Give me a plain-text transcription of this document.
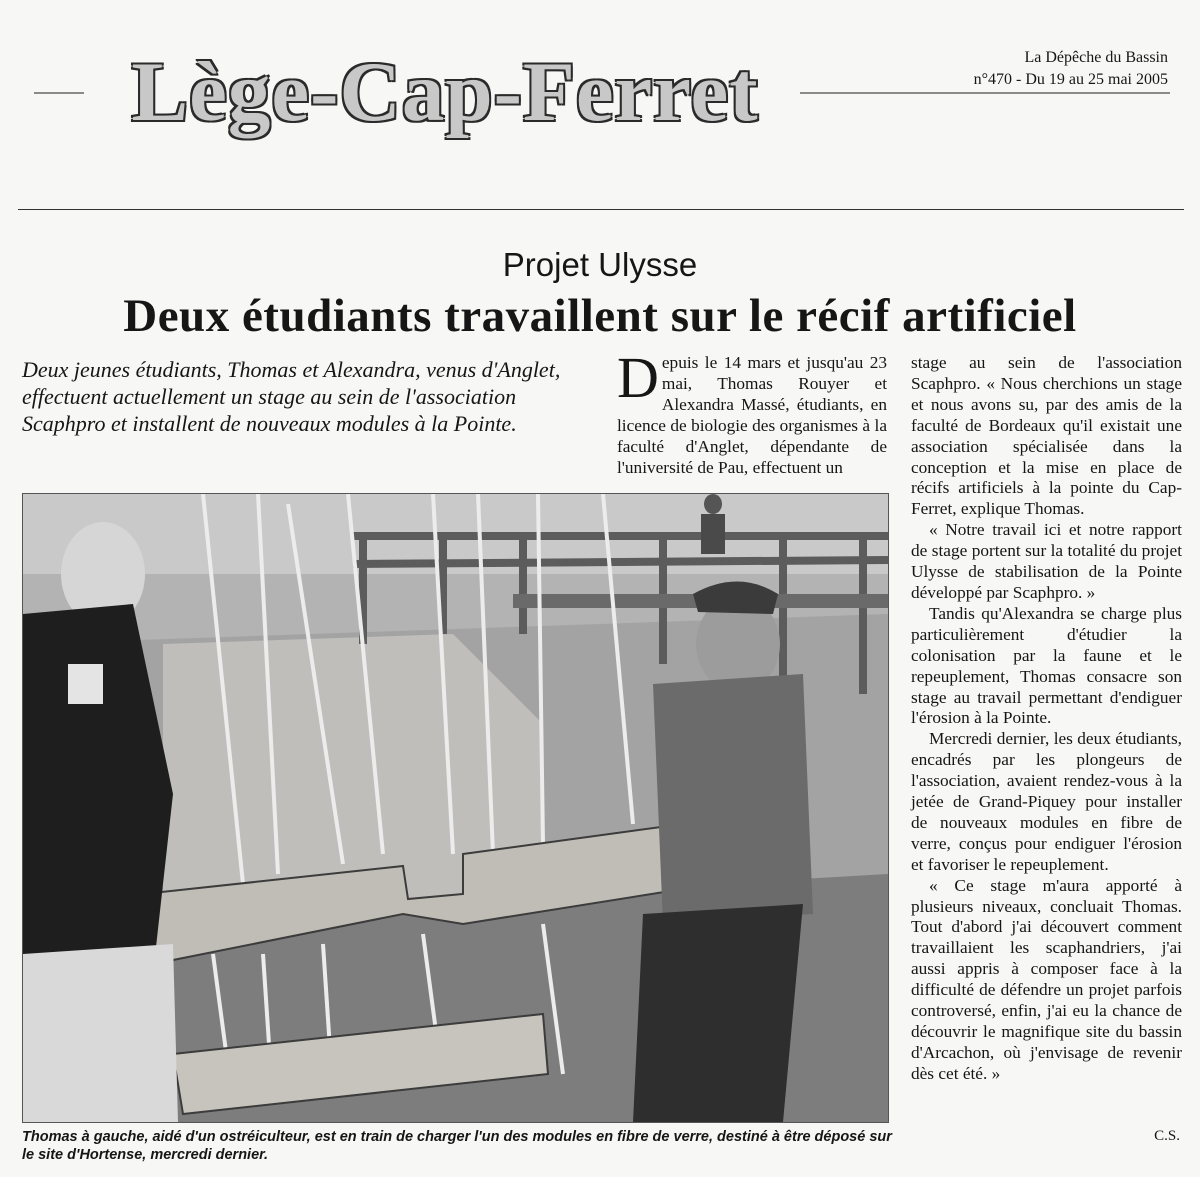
Lège-Cap-Ferret	La Dépêche du Bassin
n°470 - Du 19 au 25 mai 2005
Projet Ulysse
Deux étudiants travaillent sur le récif artificiel
Deux jeunes étudiants, Thomas et Alexandra, venus d'Anglet, effectuent actuellement un stage au sein de l'association Scaphpro et installent de nouveaux modules à la Pointe.
Thomas à gauche, aidé d'un ostréiculteur, est en train de charger l'un des modules en fibre de verre, destiné à être déposé sur le site d'Hortense, mercredi dernier.
Depuis le 14 mars et jusqu'au 23 mai, Thomas Rouyer et Alexandra Massé, étudiants, en licence de biologie des organismes à la faculté d'Anglet, dépendante de l'université de Pau, effectuent un

stage au sein de l'association Scaphpro. « Nous cherchions un stage et nous avons su, par des amis de la faculté de Bordeaux qu'il existait une association spécialisée dans la conception et la mise en place de récifs artificiels à la pointe du Cap-Ferret, explique Thomas.

« Notre travail ici et notre rapport de stage portent sur la totalité du projet Ulysse de stabilisation de la Pointe développé par Scaphpro. »

Tandis qu'Alexandra se charge plus particulièrement d'étudier la colonisation par la faune et le repeuplement, Thomas consacre son stage au travail permettant d'endiguer l'érosion à la Pointe.

Mercredi dernier, les deux étudiants, encadrés par les plongeurs de l'association, avaient rendez-vous à la jetée de Grand-Piquey pour installer de nouveaux modules en fibre de verre, conçus pour endiguer l'érosion et favoriser le repeuplement.

« Ce stage m'aura apporté à plusieurs niveaux, concluait Thomas. Tout d'abord j'ai découvert comment travaillaient les scaphandriers, j'ai aussi appris à composer face à la difficulté de défendre un projet parfois controversé, enfin, j'ai eu la chance de découvrir le magnifique site du bassin d'Arcachon, où j'envisage de revenir dès cet été. »

C.S.
